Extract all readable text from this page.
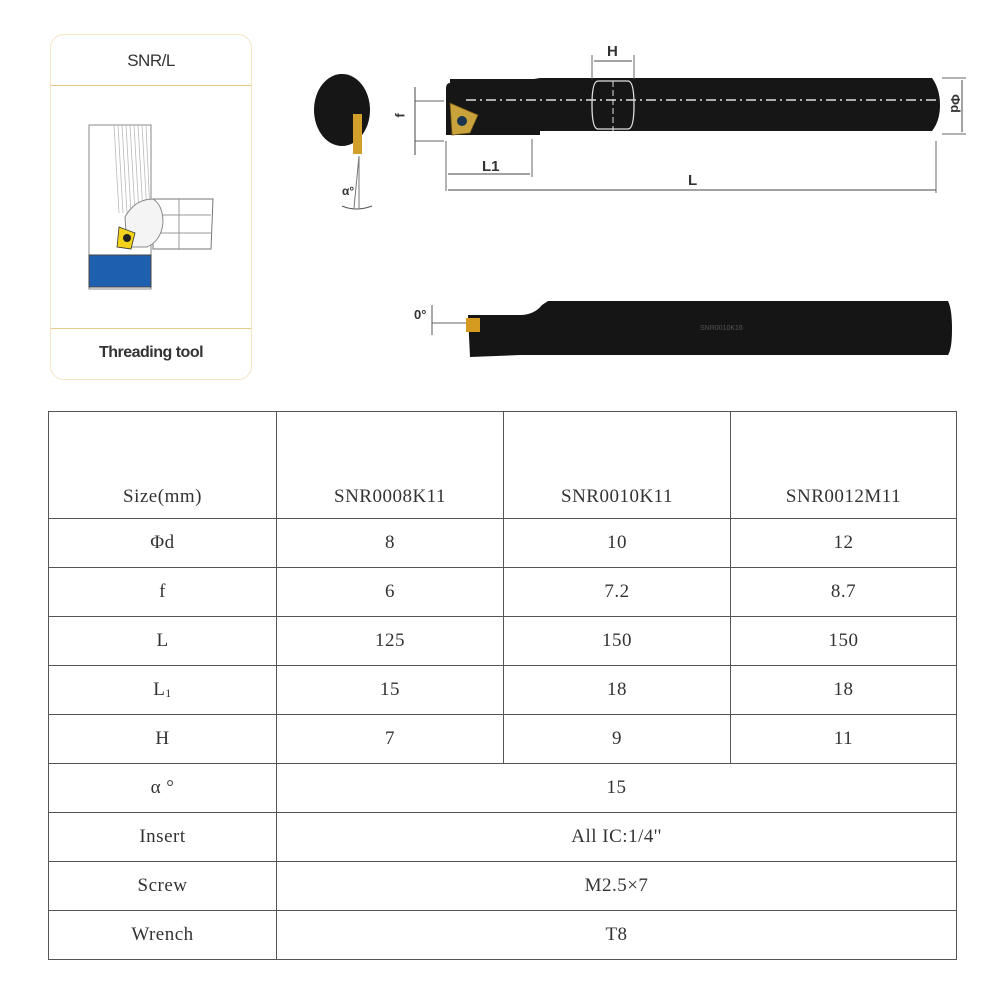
SNR/L
Threading tool
α°
H
f
L1
L
Φd
SNR0010K16
0°
Size(mm)	SNR0008K11	SNR0010K11	SNR0012M11
Φd	8	10	12
f	6	7.2	8.7
L	125	150	150
$L_1$	15	18	18
H	7	9	11
α °	15		
Insert	All IC:1/4''		
Screw	M2.5×7		
Wrench	T8		
